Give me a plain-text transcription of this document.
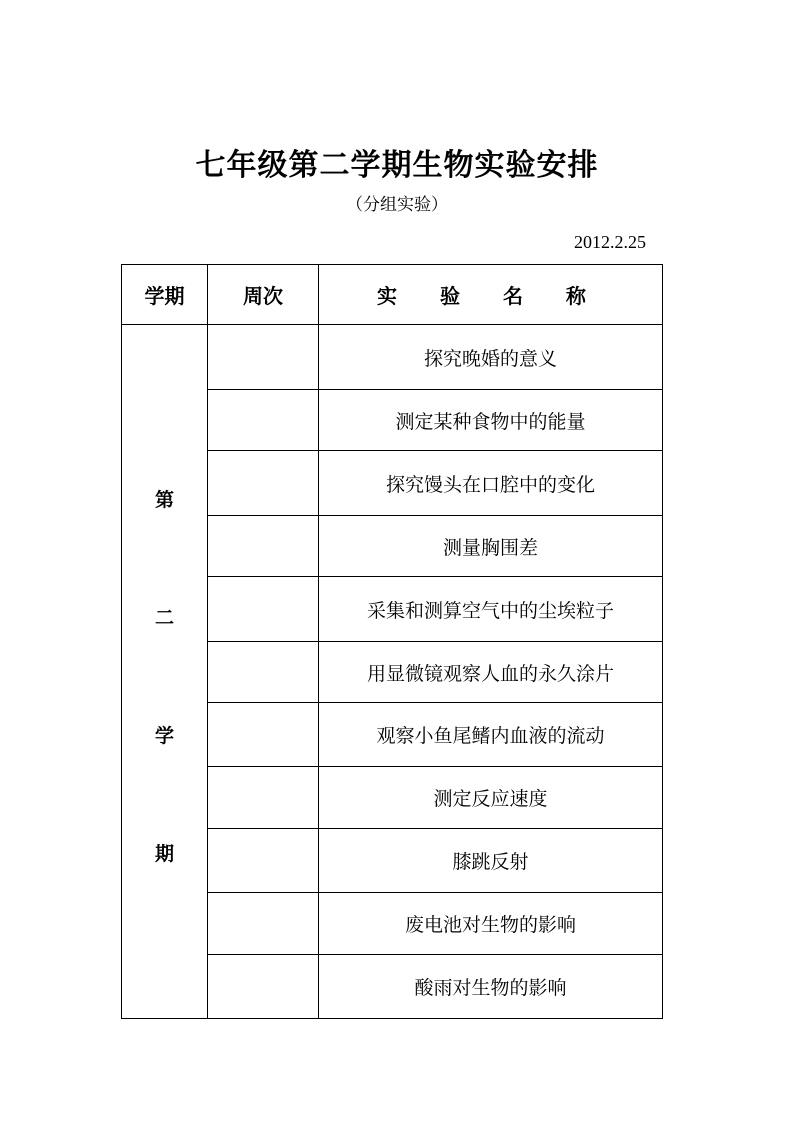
七年级第二学期生物实验安排
（分组实验）
2012.2.25
学期	周次	实 验 名 称

第
二
学
期		探究晚婚的意义
		测定某种食物中的能量
		探究馒头在口腔中的变化
		测量胸围差
		采集和测算空气中的尘埃粒子
		用显微镜观察人血的永久涂片
		观察小鱼尾鳍内血液的流动
		测定反应速度
		膝跳反射
		废电池对生物的影响
		酸雨对生物的影响
